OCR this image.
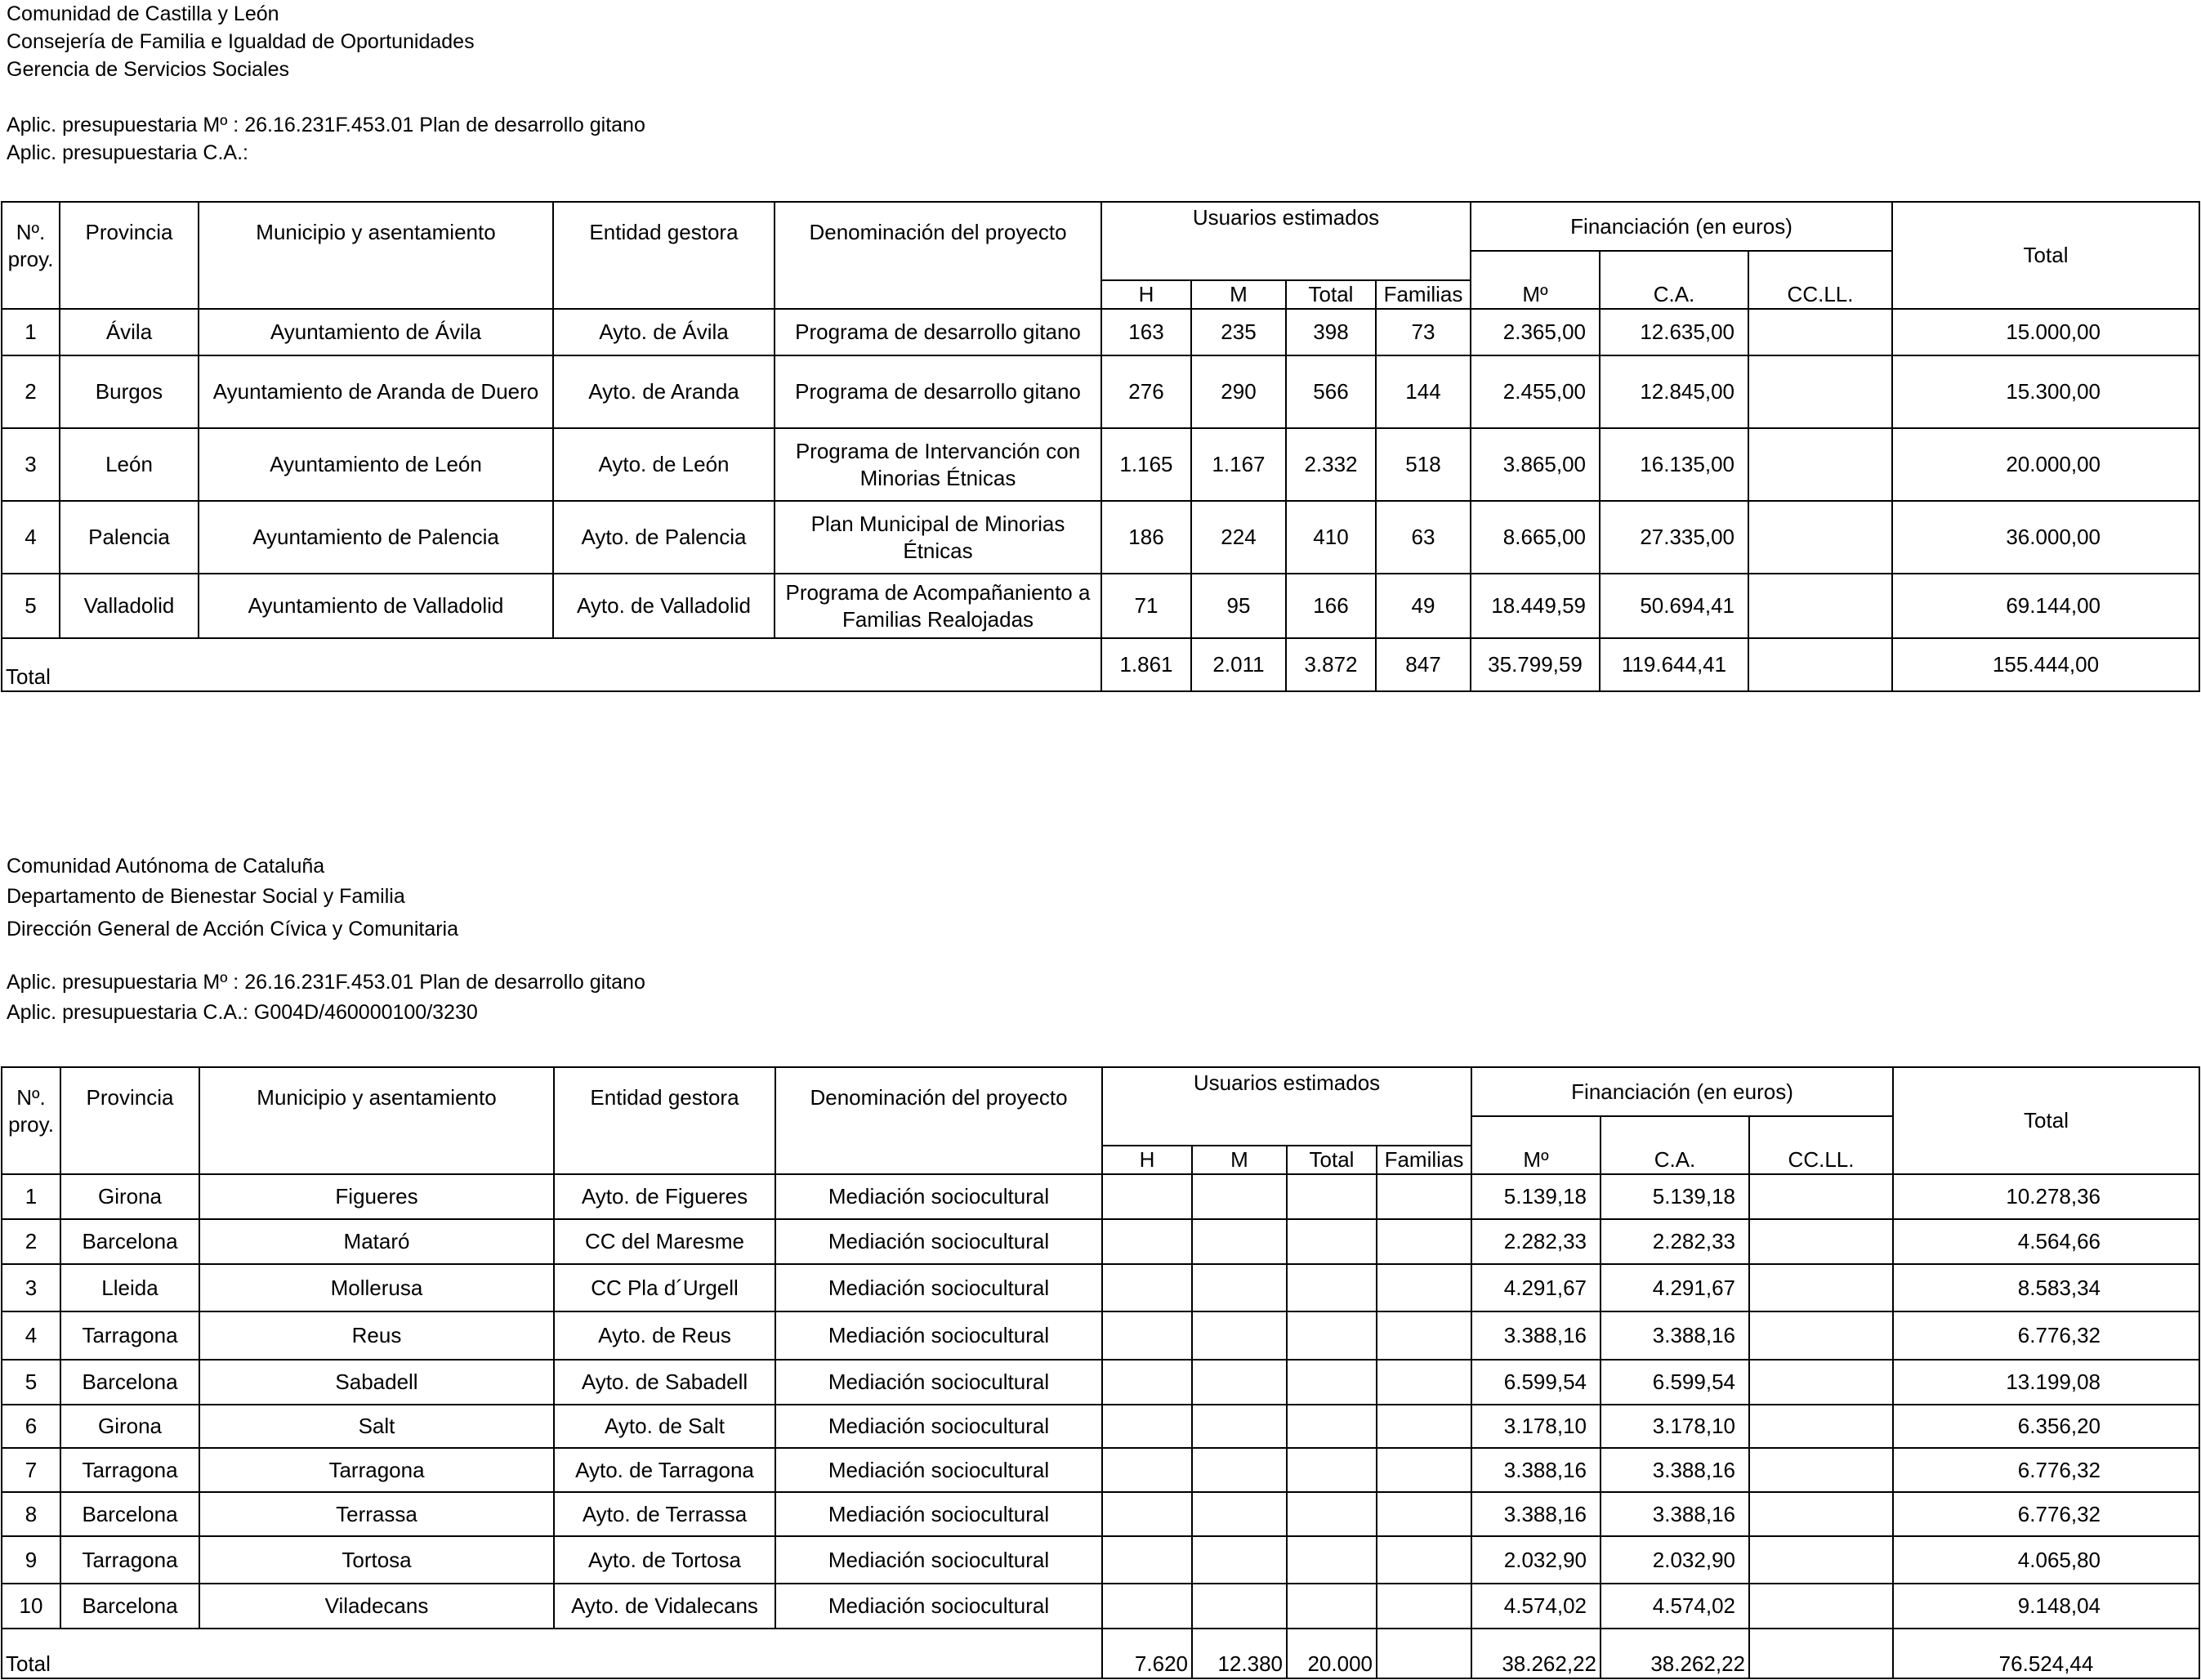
Comunidad de Castilla y León
Consejería de Familia e Igualdad de Oportunidades
Gerencia de Servicios Sociales
Aplic. presupuestaria Mº : 26.16.231F.453.01 Plan de desarrollo gitano
Aplic. presupuestaria C.A.:
Nº. proy.	Provincia	Municipio y asentamiento	Entidad gestora	Denominación del proyecto	Usuarios estimados				Financiación (en euros)			Total

					H	M	Total	Familias	Mº	C.A.	CC.LL.	
1	Ávila	Ayuntamiento de Ávila	Ayto. de Ávila	Programa de desarrollo gitano	163	235	398	73	2.365,00	12.635,00		15.000,00
2	Burgos	Ayuntamiento de Aranda de Duero	Ayto. de Aranda	Programa de desarrollo gitano	276	290	566	144	2.455,00	12.845,00		15.300,00
3	León	Ayuntamiento de León	Ayto. de León	Programa de Intervanción con Minorias Étnicas	1.165	1.167	2.332	518	3.865,00	16.135,00		20.000,00
4	Palencia	Ayuntamiento de Palencia	Ayto. de Palencia	Plan Municipal de Minorias Étnicas	186	224	410	63	8.665,00	27.335,00		36.000,00
5	Valladolid	Ayuntamiento de Valladolid	Ayto. de Valladolid	Programa de Acompañaniento a Familias Realojadas	71	95	166	49	18.449,59	50.694,41		69.144,00
Total					1.861	2.011	3.872	847	35.799,59	119.644,41		155.444,00
Comunidad Autónoma de Cataluña
Departamento de Bienestar Social y Familia
Dirección General de Acción Cívica y Comunitaria
Aplic. presupuestaria Mº : 26.16.231F.453.01 Plan de desarrollo gitano
Aplic. presupuestaria C.A.: G004D/460000100/3230
Nº. proy.	Provincia	Municipio y asentamiento	Entidad gestora	Denominación del proyecto	Usuarios estimados				Financiación (en euros)			Total

					H	M	Total	Familias	Mº	C.A.	CC.LL.	
1	Girona	Figueres	Ayto. de Figueres	Mediación sociocultural					5.139,18	5.139,18		10.278,36
2	Barcelona	Mataró	CC del Maresme	Mediación sociocultural					2.282,33	2.282,33		4.564,66
3	Lleida	Mollerusa	CC Pla d´Urgell	Mediación sociocultural					4.291,67	4.291,67		8.583,34
4	Tarragona	Reus	Ayto. de Reus	Mediación sociocultural					3.388,16	3.388,16		6.776,32
5	Barcelona	Sabadell	Ayto. de Sabadell	Mediación sociocultural					6.599,54	6.599,54		13.199,08
6	Girona	Salt	Ayto. de Salt	Mediación sociocultural					3.178,10	3.178,10		6.356,20
7	Tarragona	Tarragona	Ayto. de Tarragona	Mediación sociocultural					3.388,16	3.388,16		6.776,32
8	Barcelona	Terrassa	Ayto. de Terrassa	Mediación sociocultural					3.388,16	3.388,16		6.776,32
9	Tarragona	Tortosa	Ayto. de Tortosa	Mediación sociocultural					2.032,90	2.032,90		4.065,80
10	Barcelona	Viladecans	Ayto. de Vidalecans	Mediación sociocultural					4.574,02	4.574,02		9.148,04
Total					7.620	12.380	20.000		38.262,22	38.262,22		76.524,44
